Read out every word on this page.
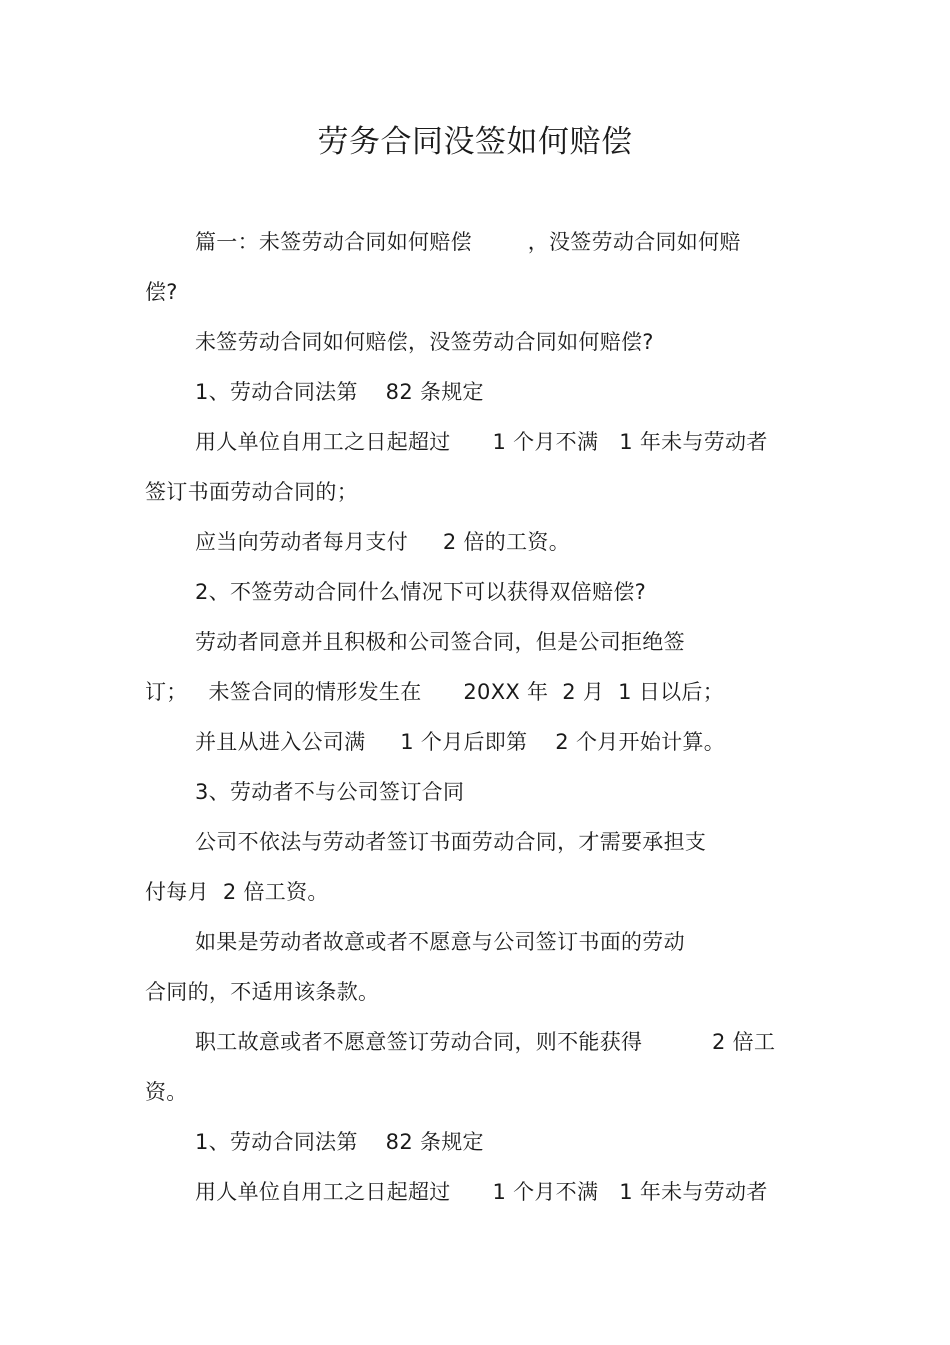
劳务合同没签如何赔偿
篇一：未签劳动合同如何赔偿        ，没签劳动合同如何赔
偿?
未签劳动合同如何赔偿，没签劳动合同如何赔偿?
1、劳动合同法第    82 条规定
用人单位自用工之日起超过      1 个月不满   1 年未与劳动者
签订书面劳动合同的；
应当向劳动者每月支付     2 倍的工资。
2、不签劳动合同什么情况下可以获得双倍赔偿?
劳动者同意并且积极和公司签合同，但是公司拒绝签
订；   未签合同的情形发生在      20XX 年  2 月  1 日以后；
并且从进入公司满     1 个月后即第    2 个月开始计算。
3、劳动者不与公司签订合同
公司不依法与劳动者签订书面劳动合同，才需要承担支
付每月  2 倍工资。
如果是劳动者故意或者不愿意与公司签订书面的劳动
合同的，不适用该条款。
职工故意或者不愿意签订劳动合同，则不能获得          2 倍工
资。
1、劳动合同法第    82 条规定
用人单位自用工之日起超过      1 个月不满   1 年未与劳动者
